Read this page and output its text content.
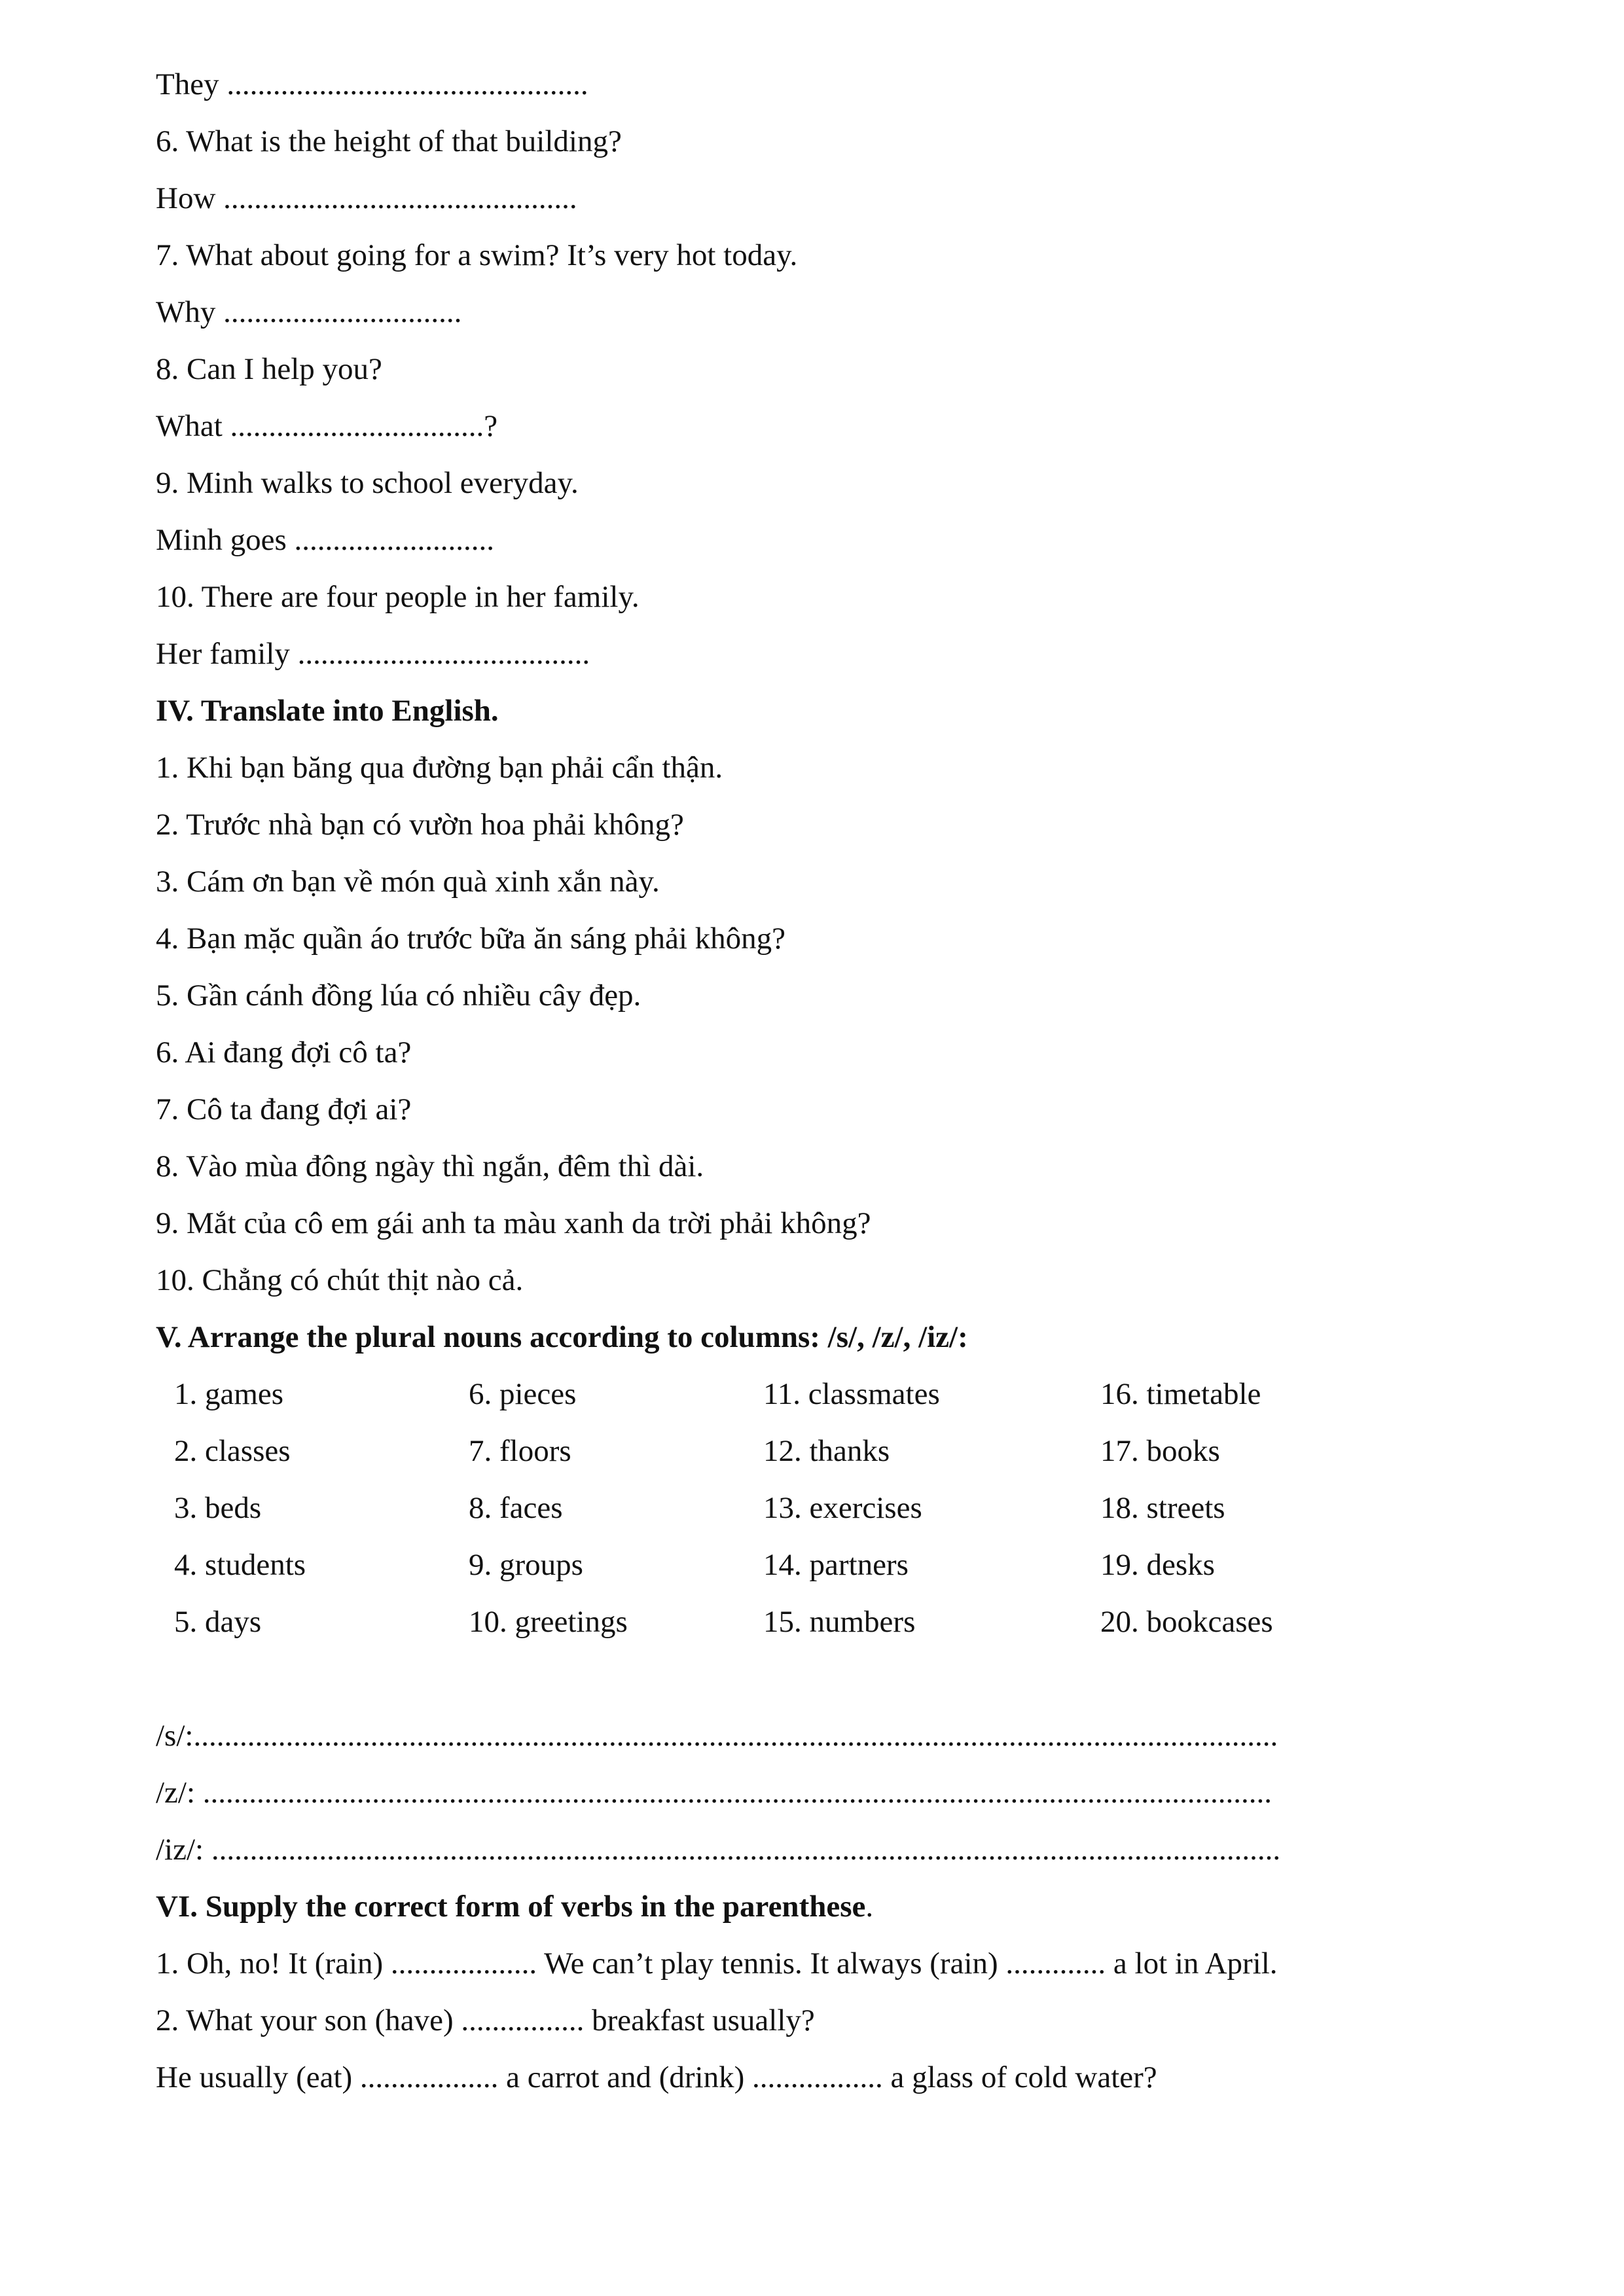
They ...............................................
6. What is the height of that building?
How ..............................................
7. What about going for a swim? It’s very hot today.
Why ...............................
8. Can I help you?
What .................................?
9. Minh walks to school everyday.
Minh goes ..........................
10. There are four people in her family.
Her family ......................................
IV. Translate into English.
1. Khi bạn băng qua đường bạn phải cẩn thận.
2. Trước nhà bạn có vườn hoa phải không?
3. Cám ơn bạn về món quà xinh xắn này.
4. Bạn mặc quần áo trước bữa ăn sáng phải không?
5. Gần cánh đồng lúa có nhiều cây đẹp.
6. Ai đang đợi cô ta?
7. Cô ta đang đợi ai?
8. Vào mùa đông ngày thì ngắn, đêm thì dài.
9. Mắt của cô em gái anh ta màu xanh da trời phải không?
10. Chẳng có chút thịt nào cả.
V. Arrange the plural nouns according to columns: /s/, /z/, /iz/:
1. games	6. pieces	11. classmates	16. timetable
2. classes	7. floors	12. thanks	17. books
3. beds	8. faces	13. exercises	18. streets
4. students	9. groups	14. partners	19. desks
5. days	10. greetings	15. numbers	20. bookcases
/s/:.............................................................................................................................................
/z/: ...........................................................................................................................................
/iz/: ...........................................................................................................................................
VI. Supply the correct form of verbs in the parenthese.
1. Oh, no! It (rain) ................... We can’t play tennis. It always (rain) ............. a lot in April.
2. What your son (have) ................ breakfast usually?
He usually (eat) .................. a carrot and (drink) ................. a glass of cold water?
